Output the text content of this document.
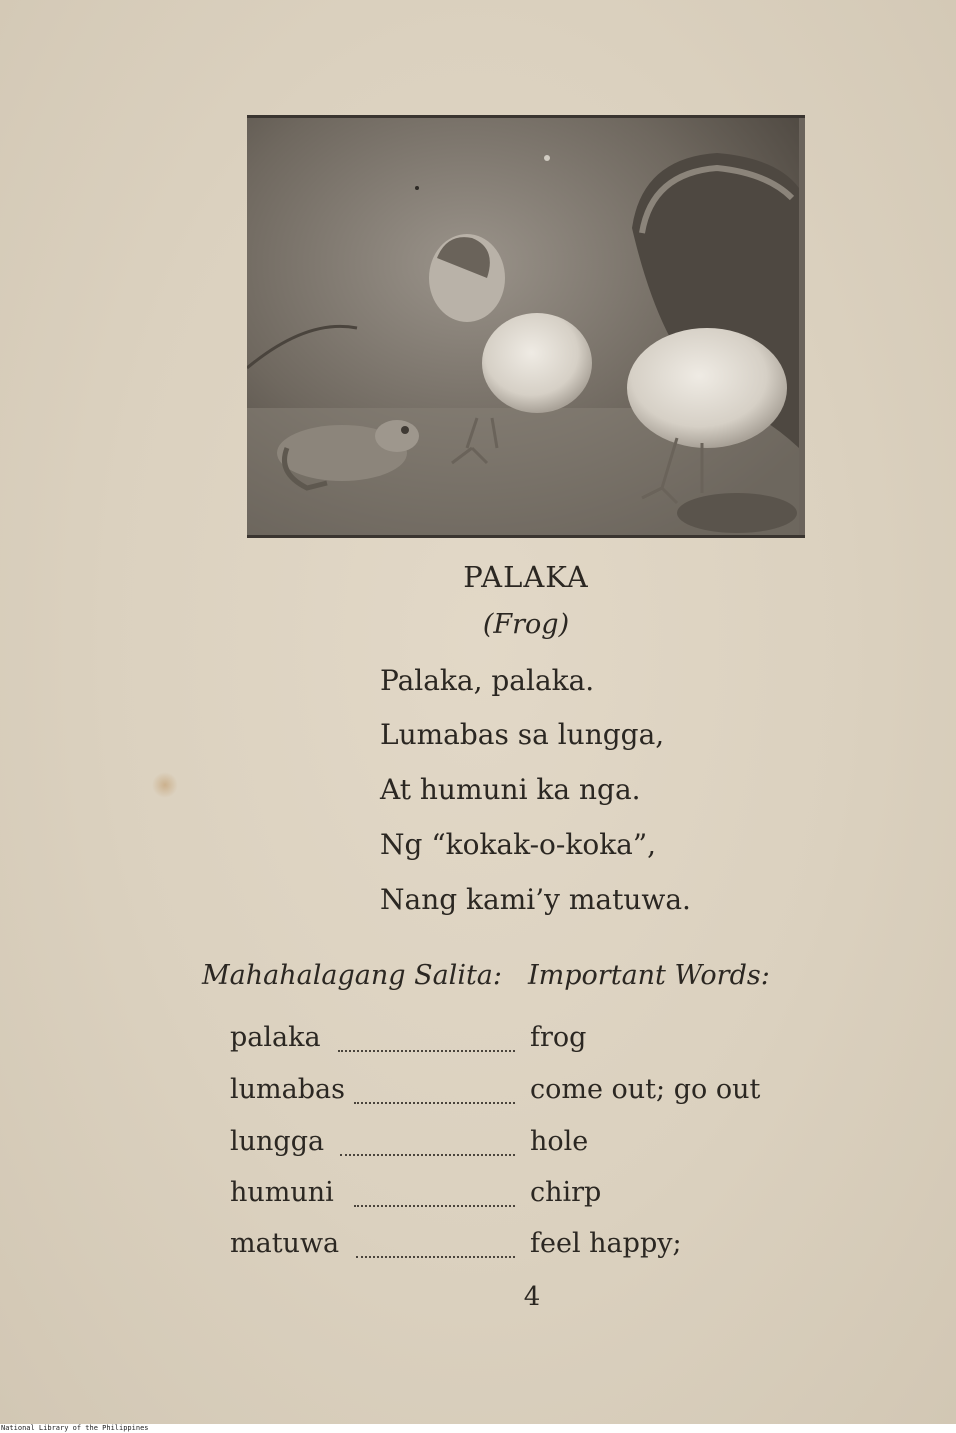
PALAKA
(Frog)
Palaka, palaka.
Lumabas sa lungga,
At humuni ka nga.
Ng “kokak-o-koka”,
Nang kami’y matuwa.
Mahahalagang Salita: Important Words:
palaka	frog
lumabas	come out; go out
lungga	hole
humuni	chirp
matuwa	feel happy;
4
National Library of the Philippines
